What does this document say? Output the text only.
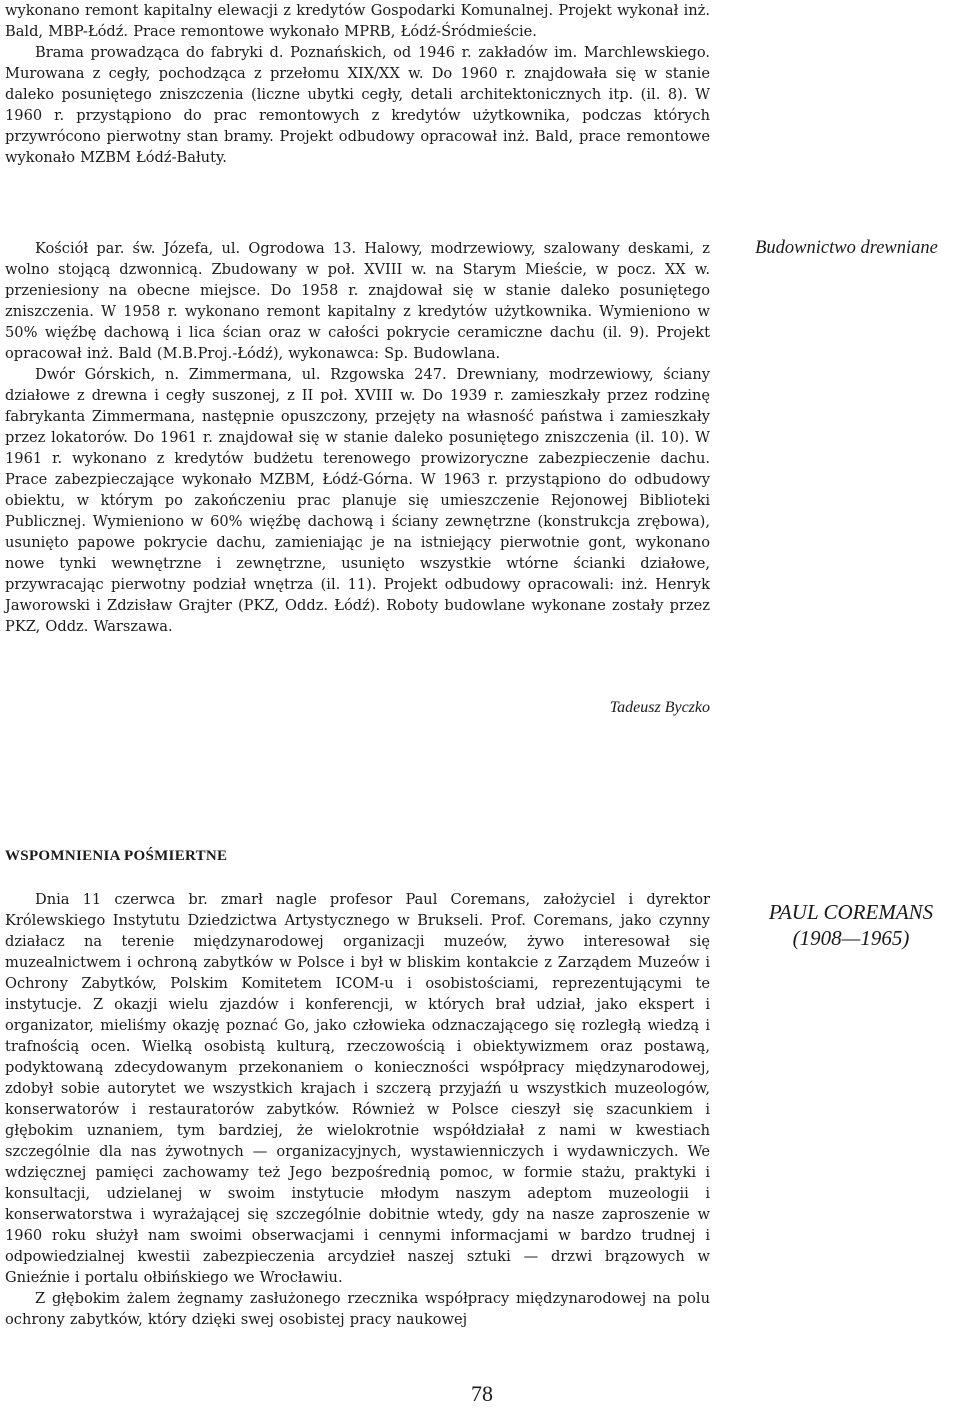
wykonano remont kapitalny elewacji z kredytów Gospodarki Komunalnej. Projekt wykonał inż. Bald, MBP-Łódź. Prace remontowe wykonało MPRB, Łódź-Śródmieście.

Brama prowadząca do fabryki d. Poznańskich, od 1946 r. zakładów im. Marchlewskiego. Murowana z cegły, pochodząca z przełomu XIX/XX w. Do 1960 r. znajdowała się w stanie daleko posuniętego zniszczenia (liczne ubytki cegły, detali architektonicznych itp. (il. 8). W 1960 r. przystąpiono do prac remontowych z kredytów użytkownika, podczas których przywrócono pierwotny stan bramy. Projekt odbudowy opracował inż. Bald, prace remontowe wykonało MZBM Łódź-Bałuty.

Budownictwo drewniane

Kościół par. św. Józefa, ul. Ogrodowa 13. Halowy, modrzewiowy, szalowany deskami, z wolno stojącą dzwonnicą. Zbudowany w poł. XVIII w. na Starym Mieście, w pocz. XX w. przeniesiony na obecne miejsce. Do 1958 r. znajdował się w stanie daleko posuniętego zniszczenia. W 1958 r. wykonano remont kapitalny z kredytów użytkownika. Wymieniono w 50% więźbę dachową i lica ścian oraz w całości pokrycie ceramiczne dachu (il. 9). Projekt opracował inż. Bald (M.B.Proj.-Łódź), wykonawca: Sp. Budowlana.

Dwór Górskich, n. Zimmermana, ul. Rzgowska 247. Drewniany, modrzewiowy, ściany działowe z drewna i cegły suszonej, z II poł. XVIII w. Do 1939 r. zamieszkały przez rodzinę fabrykanta Zimmermana, następnie opuszczony, przejęty na własność państwa i zamieszkały przez lokatorów. Do 1961 r. znajdował się w stanie daleko posuniętego zniszczenia (il. 10). W 1961 r. wykonano z kredytów budżetu terenowego prowizoryczne zabezpieczenie dachu. Prace zabezpieczające wykonało MZBM, Łódź-Górna. W 1963 r. przystąpiono do odbudowy obiektu, w którym po zakończeniu prac planuje się umieszczenie Rejonowej Biblioteki Publicznej. Wymieniono w 60% więźbę dachową i ściany zewnętrzne (konstrukcja zrębowa), usunięto papowe pokrycie dachu, zamieniając je na istniejący pierwotnie gont, wykonano nowe tynki wewnętrzne i zewnętrzne, usunięto wszystkie wtórne ścianki działowe, przywracając pierwotny podział wnętrza (il. 11). Projekt odbudowy opracowali: inż. Henryk Jaworowski i Zdzisław Grajter (PKZ, Oddz. Łódź). Roboty budowlane wykonane zostały przez PKZ, Oddz. Warszawa.

Tadeusz Byczko

WSPOMNIENIA POŚMIERTNE
PAUL COREMANS
(1908—1965)

Dnia 11 czerwca br. zmarł nagle profesor Paul Coremans, założyciel i dyrektor Królewskiego Instytutu Dziedzictwa Artystycznego w Brukseli. Prof. Coremans, jako czynny działacz na terenie międzynarodowej organizacji muzeów, żywo interesował się muzealnictwem i ochroną zabytków w Polsce i był w bliskim kontakcie z Zarządem Muzeów i Ochrony Zabytków, Polskim Komitetem ICOM-u i osobistościami, reprezentującymi te instytucje. Z okazji wielu zjazdów i konferencji, w których brał udział, jako ekspert i organizator, mieliśmy okazję poznać Go, jako człowieka odznaczającego się rozległą wiedzą i trafnością ocen. Wielką osobistą kulturą, rzeczowością i obiektywizmem oraz postawą, podyktowaną zdecydowanym przekonaniem o konieczności współpracy międzynarodowej, zdobył sobie autorytet we wszystkich krajach i szczerą przyjaźń u wszystkich muzeologów, konserwatorów i restauratorów zabytków. Również w Polsce cieszył się szacunkiem i głębokim uznaniem, tym bardziej, że wielokrotnie współdziałał z nami w kwestiach szczególnie dla nas żywotnych — organizacyjnych, wystawienniczych i wydawniczych. We wdzięcznej pamięci zachowamy też Jego bezpośrednią pomoc, w formie stażu, praktyki i konsultacji, udzielanej w swoim instytucie młodym naszym adeptom muzeologii i konserwatorstwa i wyrażającej się szczególnie dobitnie wtedy, gdy na nasze zaproszenie w 1960 roku służył nam swoimi obserwacjami i cennymi informacjami w bardzo trudnej i odpowiedzialnej kwestii zabezpieczenia arcydzieł naszej sztuki — drzwi brązowych w Gnieźnie i portalu ołbińskiego we Wrocławiu.

Z głębokim żalem żegnamy zasłużonego rzecznika współpracy międzynarodowej na polu ochrony zabytków, który dzięki swej osobistej pracy naukowej

78
